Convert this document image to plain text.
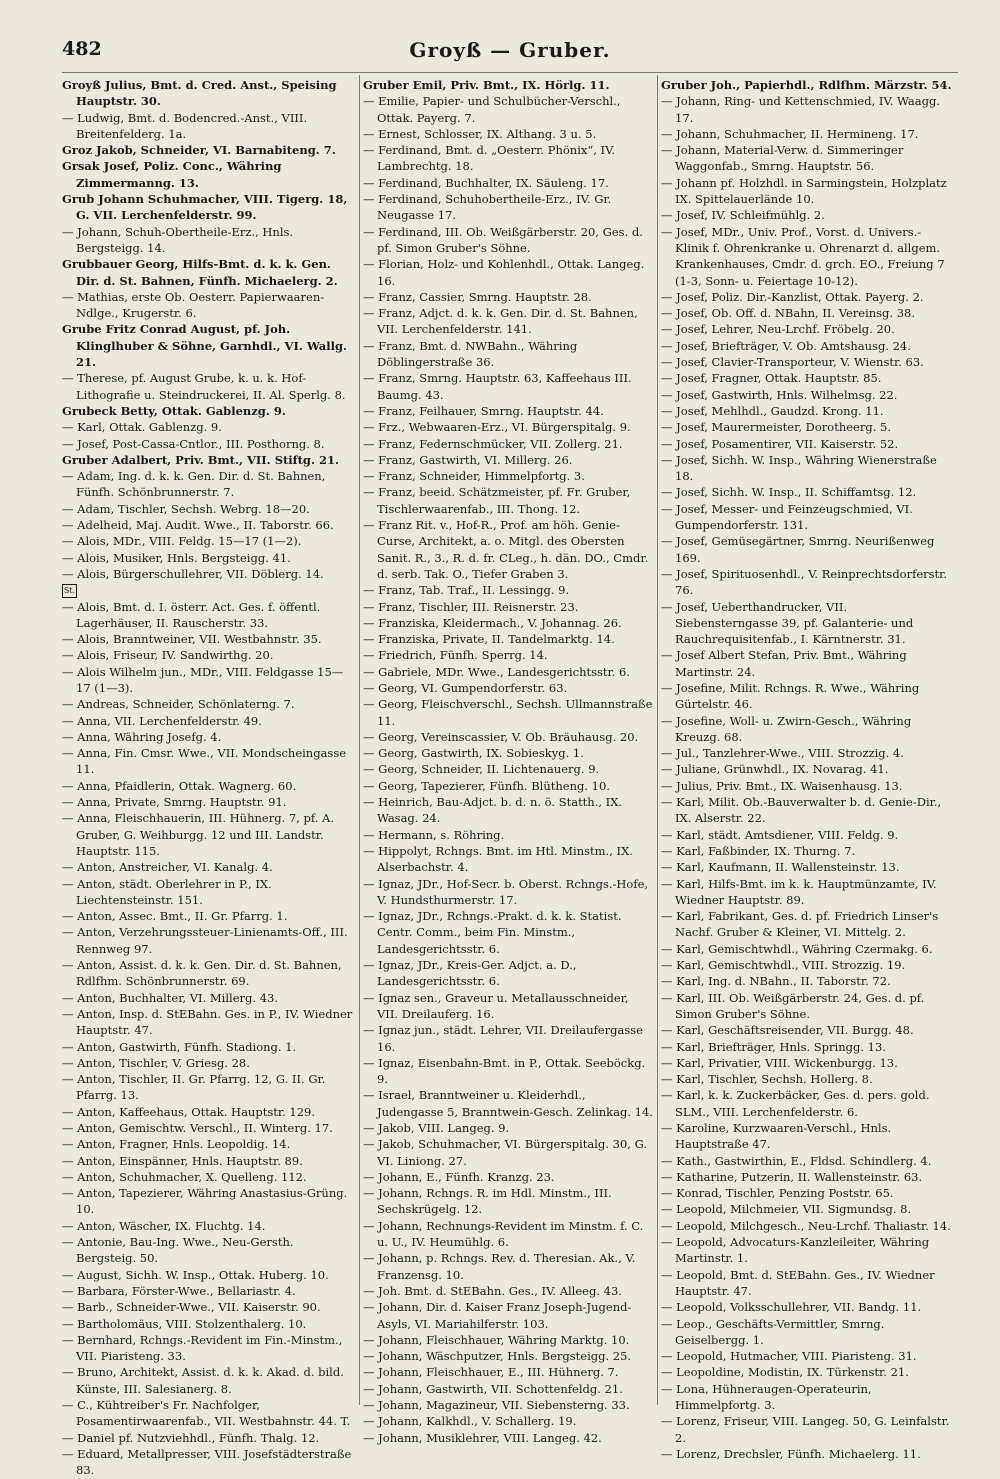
482	Groyß — Gruber.

Groyß Julius, Bmt. d. Cred. Anst., Speising Hauptstr. 30.

— Ludwig, Bmt. d. Bodencred.-Anst., VIII. Breitenfelderg. 1a.

Groz Jakob, Schneider, VI. Barnabiteng. 7.

Grsak Josef, Poliz. Conc., Währing Zimmermanng. 13.

Grub Johann Schuhmacher, VIII. Tigerg. 18, G. VII. Lerchenfelderstr. 99.

— Johann, Schuh-Obertheile-Erz., Hnls. Bergsteigg. 14.

Grubbauer Georg, Hilfs-Bmt. d. k. k. Gen. Dir. d. St. Bahnen, Fünfh. Michaelerg. 2.

— Mathias, erste Ob. Oesterr. Papierwaaren-Ndlge., Krugerstr. 6.

Grube Fritz Conrad August, pf. Joh. Klinglhuber & Söhne, Garnhdl., VI. Wallg. 21.

— Therese, pf. August Grube, k. u. k. Hof-Lithografie u. Steindruckerei, II. Al. Sperlg. 8.

Grubeck Betty, Ottak. Gablenzg. 9.

— Karl, Ottak. Gablenzg. 9.

— Josef, Post-Cassa-Cntlor., III. Posthorng. 8.

Gruber Adalbert, Priv. Bmt., VII. Stiftg. 21.

— Adam, Ing. d. k. k. Gen. Dir. d. St. Bahnen, Fünfh. Schönbrunnerstr. 7.

— Adam, Tischler, Sechsh. Webrg. 18—20.

— Adelheid, Maj. Audit. Wwe., II. Taborstr. 66.

— Alois, MDr., VIII. Feldg. 15—17 (1—2).

— Alois, Musiker, Hnls. Bergsteigg. 41.

— Alois, Bürgerschullehrer, VII. Döblerg. 14.

St.

— Alois, Bmt. d. I. österr. Act. Ges. f. öffentl. Lagerhäuser, II. Rauscherstr. 33.

— Alois, Branntweiner, VII. Westbahnstr. 35.

— Alois, Friseur, IV. Sandwirthg. 20.

— Alois Wilhelm jun., MDr., VIII. Feldgasse 15—17 (1—3).

— Andreas, Schneider, Schönlaterng. 7.

— Anna, VII. Lerchenfelderstr. 49.

— Anna, Währing Josefg. 4.

— Anna, Fin. Cmsr. Wwe., VII. Mondscheingasse 11.

— Anna, Pfaidlerin, Ottak. Wagnerg. 60.

— Anna, Private, Smrng. Hauptstr. 91.

— Anna, Fleischhauerin, III. Hühnerg. 7, pf. A. Gruber, G. Weihburgg. 12 und III. Landstr. Hauptstr. 115.

— Anton, Anstreicher, VI. Kanalg. 4.

— Anton, städt. Oberlehrer in P., IX. Liechtensteinstr. 151.

— Anton, Assec. Bmt., II. Gr. Pfarrg. 1.

— Anton, Verzehrungssteuer-Linienamts-Off., III. Rennweg 97.

— Anton, Assist. d. k. k. Gen. Dir. d. St. Bahnen, Rdlfhm. Schönbrunnerstr. 69.

— Anton, Buchhalter, VI. Millerg. 43.

— Anton, Insp. d. StEBahn. Ges. in P., IV. Wiedner Hauptstr. 47.

— Anton, Gastwirth, Fünfh. Stadiong. 1.

— Anton, Tischler, V. Griesg. 28.

— Anton, Tischler, II. Gr. Pfarrg. 12, G. II. Gr. Pfarrg. 13.

— Anton, Kaffeehaus, Ottak. Hauptstr. 129.

— Anton, Gemischtw. Verschl., II. Winterg. 17.

— Anton, Fragner, Hnls. Leopoldig. 14.

— Anton, Einspänner, Hnls. Hauptstr. 89.

— Anton, Schuhmacher, X. Quelleng. 112.

— Anton, Tapezierer, Währing Anastasius-Grüng. 10.

— Anton, Wäscher, IX. Fluchtg. 14.

— Antonie, Bau-Ing. Wwe., Neu-Gersth. Bergsteig. 50.

— August, Sichh. W. Insp., Ottak. Huberg. 10.

— Barbara, Förster-Wwe., Bellariastr. 4.

— Barb., Schneider-Wwe., VII. Kaiserstr. 90.

— Bartholomäus, VIII. Stolzenthalerg. 10.

— Bernhard, Rchngs.-Revident im Fin.-Minstm., VII. Piaristeng. 33.

— Bruno, Architekt, Assist. d. k. k. Akad. d. bild. Künste, III. Salesianerg. 8.

— C., Kühtreiber's Fr. Nachfolger, Posamentirwaarenfab., VII. Westbahnstr. 44. T.

— Daniel pf. Nutzviehhdl., Fünfh. Thalg. 12.

— Eduard, Metallpresser, VIII. Josefstädterstraße 83.

Gruber Emil, Priv. Bmt., IX. Hörlg. 11.

— Emilie, Papier- und Schulbücher-Verschl., Ottak. Payerg. 7.

— Ernest, Schlosser, IX. Althang. 3 u. 5.

— Ferdinand, Bmt. d. „Oesterr. Phönix“, IV. Lambrechtg. 18.

— Ferdinand, Buchhalter, IX. Säuleng. 17.

— Ferdinand, Schuhobertheile-Erz., IV. Gr. Neugasse 17.

— Ferdinand, III. Ob. Weißgärberstr. 20, Ges. d. pf. Simon Gruber's Söhne.

— Florian, Holz- und Kohlenhdl., Ottak. Langeg. 16.

— Franz, Cassier, Smrng. Hauptstr. 28.

— Franz, Adjct. d. k. k. Gen. Dir. d. St. Bahnen, VII. Lerchenfelderstr. 141.

— Franz, Bmt. d. NWBahn., Währing Döblingerstraße 36.

— Franz, Smrng. Hauptstr. 63, Kaffeehaus III. Baumg. 43.

— Franz, Feilhauer, Smrng. Hauptstr. 44.

— Frz., Webwaaren-Erz., VI. Bürgerspitalg. 9.

— Franz, Federnschmücker, VII. Zollerg. 21.

— Franz, Gastwirth, VI. Millerg. 26.

— Franz, Schneider, Himmelpfortg. 3.

— Franz, beeid. Schätzmeister, pf. Fr. Gruber, Tischlerwaarenfab., III. Thong. 12.

— Franz Rit. v., Hof-R., Prof. am höh. Genie-Curse, Architekt, a. o. Mitgl. des Obersten Sanit. R., 3., R. d. fr. CLeg., h. dän. DO., Cmdr. d. serb. Tak. O., Tiefer Graben 3.

— Franz, Tab. Traf., II. Lessingg. 9.

— Franz, Tischler, III. Reisnerstr. 23.

— Franziska, Kleidermach., V. Johannag. 26.

— Franziska, Private, II. Tandelmarktg. 14.

— Friedrich, Fünfh. Sperrg. 14.

— Gabriele, MDr. Wwe., Landesgerichtsstr. 6.

— Georg, VI. Gumpendorferstr. 63.

— Georg, Fleischverschl., Sechsh. Ullmannstraße 11.

— Georg, Vereinscassier, V. Ob. Bräuhausg. 20.

— Georg, Gastwirth, IX. Sobieskyg. 1.

— Georg, Schneider, II. Lichtenauerg. 9.

— Georg, Tapezierer, Fünfh. Blütheng. 10.

— Heinrich, Bau-Adjct. b. d. n. ö. Statth., IX. Wasag. 24.

— Hermann, s. Röhring.

— Hippolyt, Rchngs. Bmt. im Htl. Minstm., IX. Alserbachstr. 4.

— Ignaz, JDr., Hof-Secr. b. Oberst. Rchngs.-Hofe, V. Hundsthurmerstr. 17.

— Ignaz, JDr., Rchngs.-Prakt. d. k. k. Statist. Centr. Comm., beim Fin. Minstm., Landesgerichtsstr. 6.

— Ignaz, JDr., Kreis-Ger. Adjct. a. D., Landesgerichtsstr. 6.

— Ignaz sen., Graveur u. Metallausschneider, VII. Dreilauferg. 16.

— Ignaz jun., städt. Lehrer, VII. Dreilaufergasse 16.

— Ignaz, Eisenbahn-Bmt. in P., Ottak. Seeböckg. 9.

— Israel, Branntweiner u. Kleiderhdl., Judengasse 5, Branntwein-Gesch. Zelinkag. 14.

— Jakob, VIII. Langeg. 9.

— Jakob, Schuhmacher, VI. Bürgerspitalg. 30, G. VI. Liniong. 27.

— Johann, E., Fünfh. Kranzg. 23.

— Johann, Rchngs. R. im Hdl. Minstm., III. Sechskrügelg. 12.

— Johann, Rechnungs-Revident im Minstm. f. C. u. U., IV. Heumühlg. 6.

— Johann, p. Rchngs. Rev. d. Theresian. Ak., V. Franzensg. 10.

— Joh. Bmt. d. StEBahn. Ges., IV. Alleeg. 43.

— Johann, Dir. d. Kaiser Franz Joseph-Jugend-Asyls, VI. Mariahilferstr. 103.

— Johann, Fleischhauer, Währing Marktg. 10.

— Johann, Wäschputzer, Hnls. Bergsteigg. 25.

— Johann, Fleischhauer, E., III. Hühnerg. 7.

— Johann, Gastwirth, VII. Schottenfeldg. 21.

— Johann, Magazineur, VII. Siebensterng. 33.

— Johann, Kalkhdl., V. Schallerg. 19.

— Johann, Musiklehrer, VIII. Langeg. 42.

Gruber Joh., Papierhdl., Rdlfhm. Märzstr. 54.

— Johann, Ring- und Kettenschmied, IV. Waagg. 17.

— Johann, Schuhmacher, II. Hermineng. 17.

— Johann, Material-Verw. d. Simmeringer Waggonfab., Smrng. Hauptstr. 56.

— Johann pf. Holzhdl. in Sarmingstein, Holzplatz IX. Spittelauerlände 10.

— Josef, IV. Schleifmühlg. 2.

— Josef, MDr., Univ. Prof., Vorst. d. Univers.-Klinik f. Ohrenkranke u. Ohrenarzt d. allgem. Krankenhauses, Cmdr. d. grch. EO., Freiung 7 (1-3, Sonn- u. Feiertage 10-12).

— Josef, Poliz. Dir.-Kanzlist, Ottak. Payerg. 2.

— Josef, Ob. Off. d. NBahn, II. Vereinsg. 38.

— Josef, Lehrer, Neu-Lrchf. Fröbelg. 20.

— Josef, Briefträger, V. Ob. Amtshausg. 24.

— Josef, Clavier-Transporteur, V. Wienstr. 63.

— Josef, Fragner, Ottak. Hauptstr. 85.

— Josef, Gastwirth, Hnls. Wilhelmsg. 22.

— Josef, Mehlhdl., Gaudzd. Krong. 11.

— Josef, Maurermeister, Dorotheerg. 5.

— Josef, Posamentirer, VII. Kaiserstr. 52.

— Josef, Sichh. W. Insp., Währing Wienerstraße 18.

— Josef, Sichh. W. Insp., II. Schiffamtsg. 12.

— Josef, Messer- und Feinzeugschmied, VI. Gumpendorferstr. 131.

— Josef, Gemüsegärtner, Smrng. Neurißenweg 169.

— Josef, Spirituosenhdl., V. Reinprechtsdorferstr. 76.

— Josef, Ueberthandrucker, VII. Siebensterngasse 39, pf. Galanterie- und Rauchrequisitenfab., I. Kärntnerstr. 31.

— Josef Albert Stefan, Priv. Bmt., Währing Martinstr. 24.

— Josefine, Milit. Rchngs. R. Wwe., Währing Gürtelstr. 46.

— Josefine, Woll- u. Zwirn-Gesch., Währing Kreuzg. 68.

— Jul., Tanzlehrer-Wwe., VIII. Strozzig. 4.

— Juliane, Grünwhdl., IX. Novarag. 41.

— Julius, Priv. Bmt., IX. Waisenhausg. 13.

— Karl, Milit. Ob.-Bauverwalter b. d. Genie-Dir., IX. Alserstr. 22.

— Karl, städt. Amtsdiener, VIII. Feldg. 9.

— Karl, Faßbinder, IX. Thurng. 7.

— Karl, Kaufmann, II. Wallensteinstr. 13.

— Karl, Hilfs-Bmt. im k. k. Hauptmünzamte, IV. Wiedner Hauptstr. 89.

— Karl, Fabrikant, Ges. d. pf. Friedrich Linser's Nachf. Gruber & Kleiner, VI. Mittelg. 2.

— Karl, Gemischtwhdl., Währing Czermakg. 6.

— Karl, Gemischtwhdl., VIII. Strozzig. 19.

— Karl, Ing. d. NBahn., II. Taborstr. 72.

— Karl, III. Ob. Weißgärberstr. 24, Ges. d. pf. Simon Gruber's Söhne.

— Karl, Geschäftsreisender, VII. Burgg. 48.

— Karl, Briefträger, Hnls. Springg. 13.

— Karl, Privatier, VIII. Wickenburgg. 13.

— Karl, Tischler, Sechsh. Hollerg. 8.

— Karl, k. k. Zuckerbäcker, Ges. d. pers. gold. SLM., VIII. Lerchenfelderstr. 6.

— Karoline, Kurzwaaren-Verschl., Hnls. Hauptstraße 47.

— Kath., Gastwirthin, E., Fldsd. Schindlerg. 4.

— Katharine, Putzerin, II. Wallensteinstr. 63.

— Konrad, Tischler, Penzing Poststr. 65.

— Leopold, Milchmeier, VII. Sigmundsg. 8.

— Leopold, Milchgesch., Neu-Lrchf. Thaliastr. 14.

— Leopold, Advocaturs-Kanzleileiter, Währing Martinstr. 1.

— Leopold, Bmt. d. StEBahn. Ges., IV. Wiedner Hauptstr. 47.

— Leopold, Volksschullehrer, VII. Bandg. 11.

— Leop., Geschäfts-Vermittler, Smrng. Geiselbergg. 1.

— Leopold, Hutmacher, VIII. Piaristeng. 31.

— Leopoldine, Modistin, IX. Türkenstr. 21.

— Lona, Hühneraugen-Operateurin, Himmelpfortg. 3.

— Lorenz, Friseur, VIII. Langeg. 50, G. Leinfalstr. 2.

— Lorenz, Drechsler, Fünfh. Michaelerg. 11.
